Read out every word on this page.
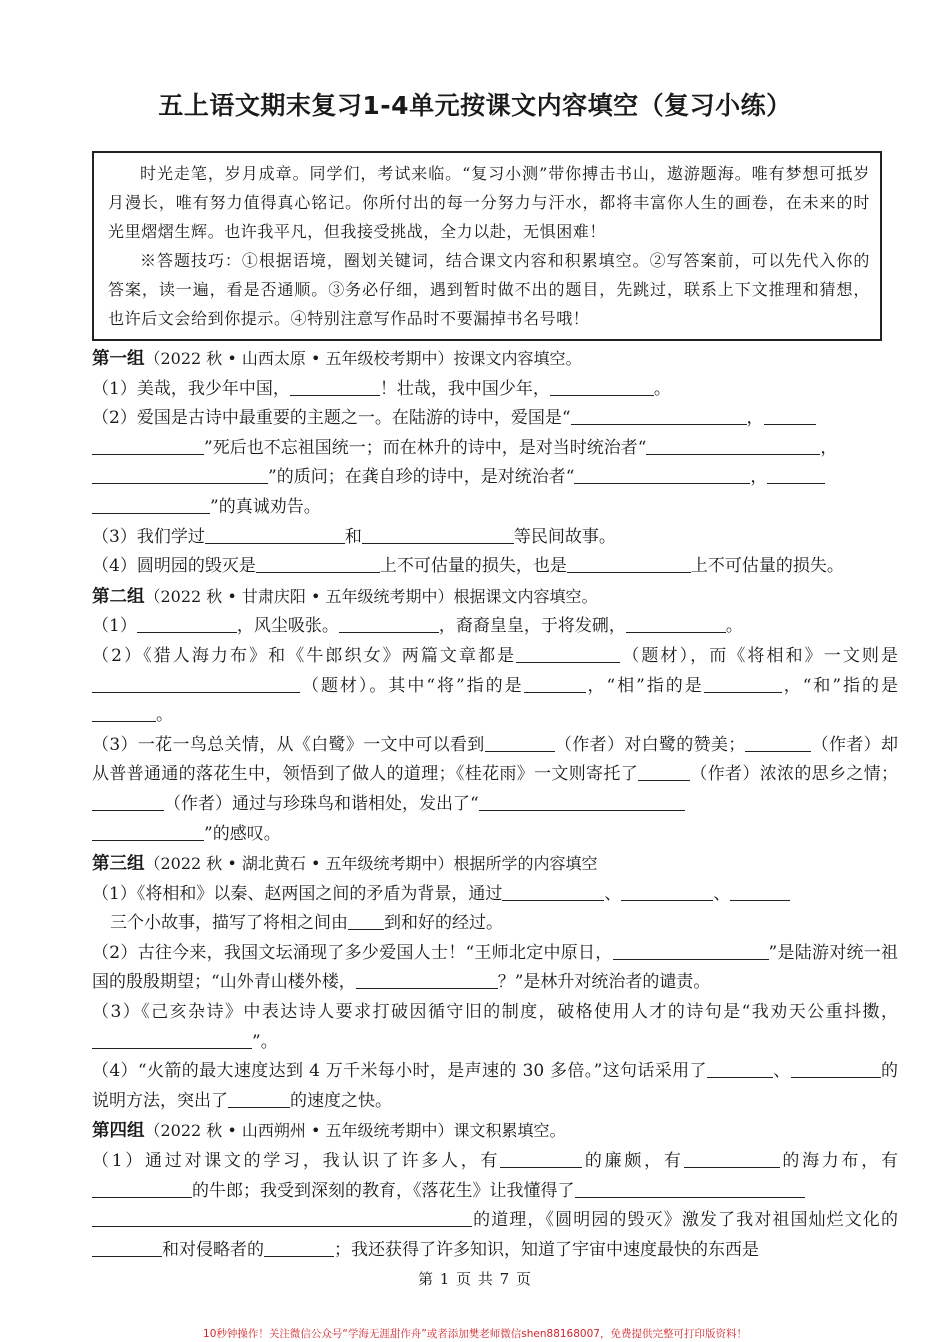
五上语文期末复习1-4单元按课文内容填空（复习小练）

时光走笔，岁月成章。同学们，考试来临。“复习小测”带你搏击书山，遨游题海。唯有梦想可抵岁月漫长，唯有努力值得真心铭记。你所付出的每一分努力与汗水，都将丰富你人生的画卷，在未来的时光里熠熠生辉。也许我平凡，但我接受挑战，全力以赴，无惧困难！

※答题技巧：①根据语境，圈划关键词，结合课文内容和积累填空。②写答案前，可以先代入你的答案，读一遍，看是否通顺。③务必仔细，遇到暂时做不出的题目，先跳过，联系上下文推理和猜想，也许后文会给到你提示。④特别注意写作品时不要漏掉书名号哦！

第一组（2022 秋 • 山西太原 • 五年级校考期中）按课文内容填空。

（1）美哉，我少年中国，	！壮哉，我中国少年，	。

（2）爱国是古诗中最重要的主题之一。在陆游的诗中，爱国是“	，
”死后也不忘祖国统一；而在林升的诗中，是对当时统治者“	，
”的质问；在龚自珍的诗中，是对统治者“	，
”的真诚劝告。

（3）我们学过	和	等民间故事。

（4）圆明园的毁灭是	上不可估量的损失，也是	上不可估量的损失。

第二组（2022 秋 • 甘肃庆阳 • 五年级统考期中）根据课文内容填空。

（1）	，风尘吸张。	，裔裔皇皇，于将发硎，	。

（2）《猎人海力布》和《牛郎织女》两篇文章都是	（题材），而《将相和》一文则是（题材）。其中“将”指的是	，“相”指的是	，“和”指的是。

（3）一花一鸟总关情，从《白鹭》一文中可以看到	（作者）对白鹭的赞美；	（作者）却从普普通通的落花生中，领悟到了做人的道理；《桂花雨》一文则寄托了	（作者）浓浓的思乡之情；（作者）通过与珍珠鸟和谐相处，发出了“
”的感叹。

第三组（2022 秋 • 湖北黄石 • 五年级统考期中）根据所学的内容填空

（1）《将相和》以秦、赵两国之间的矛盾为背景，通过	、	、
三个小故事，描写了将相之间由 到和好的经过。

（2）古往今来，我国文坛涌现了多少爱国人士！“王师北定中原日，	”是陆游对统一祖国的殷殷期望；“山外青山楼外楼，	？”是林升对统治者的谴责。

（3）《己亥杂诗》中表达诗人要求打破因循守旧的制度，破格使用人才的诗句是“我劝天公重抖擞，”。

（4）“火箭的最大速度达到 4 万千米每小时，是声速的 30 多倍。”这句话采用了	、	的说明方法，突出了	的速度之快。

第四组（2022 秋 • 山西朔州 • 五年级统考期中）课文积累填空。

（1）通过对课文的学习，我认识了许多人，有	的廉颇，有	的海力布，有的牛郎；我受到深刻的教育，《落花生》让我懂得了
的道理，《圆明园的毁灭》激发了我对祖国灿烂文化的和对侵略者的	；我还获得了许多知识，知道了宇宙中速度最快的东西是

第 1 页 共 7 页
10秒钟操作！关注微信公众号“学海无涯甜作舟”或者添加樊老师微信shen88168007，免费提供完整可打印版资料！
